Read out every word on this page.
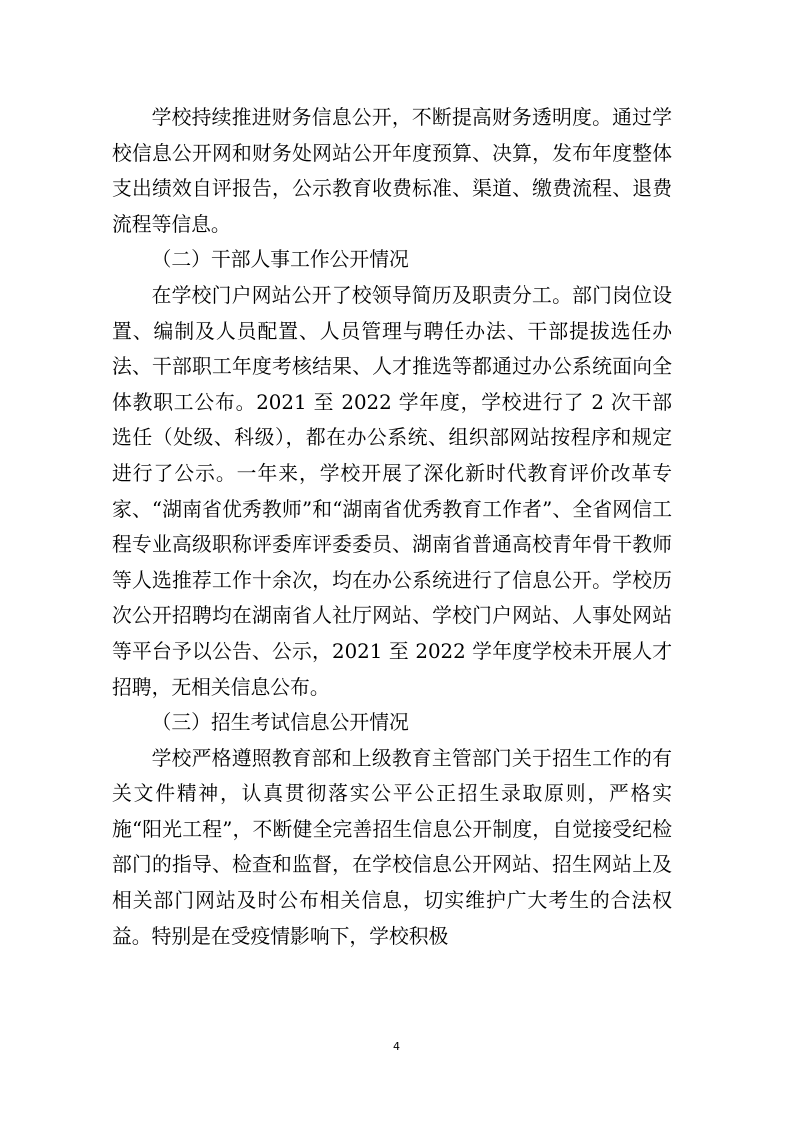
学校持续推进财务信息公开，不断提高财务透明度。通过学校信息公开网和财务处网站公开年度预算、决算，发布年度整体支出绩效自评报告，公示教育收费标准、渠道、缴费流程、退费流程等信息。

（二）干部人事工作公开情况

在学校门户网站公开了校领导简历及职责分工。部门岗位设置、编制及人员配置、人员管理与聘任办法、干部提拔选任办法、干部职工年度考核结果、人才推选等都通过办公系统面向全体教职工公布。2021 至 2022 学年度，学校进行了 2 次干部选任（处级、科级），都在办公系统、组织部网站按程序和规定进行了公示。一年来，学校开展了深化新时代教育评价改革专家、“湖南省优秀教师”和“湖南省优秀教育工作者”、全省网信工程专业高级职称评委库评委委员、湖南省普通高校青年骨干教师等人选推荐工作十余次，均在办公系统进行了信息公开。学校历次公开招聘均在湖南省人社厅网站、学校门户网站、人事处网站等平台予以公告、公示，2021 至 2022 学年度学校未开展人才招聘，无相关信息公布。

（三）招生考试信息公开情况

学校严格遵照教育部和上级教育主管部门关于招生工作的有关文件精神，认真贯彻落实公平公正招生录取原则，严格实施“阳光工程”，不断健全完善招生信息公开制度，自觉接受纪检部门的指导、检查和监督，在学校信息公开网站、招生网站上及相关部门网站及时公布相关信息，切实维护广大考生的合法权益。特别是在受疫情影响下，学校积极

4
